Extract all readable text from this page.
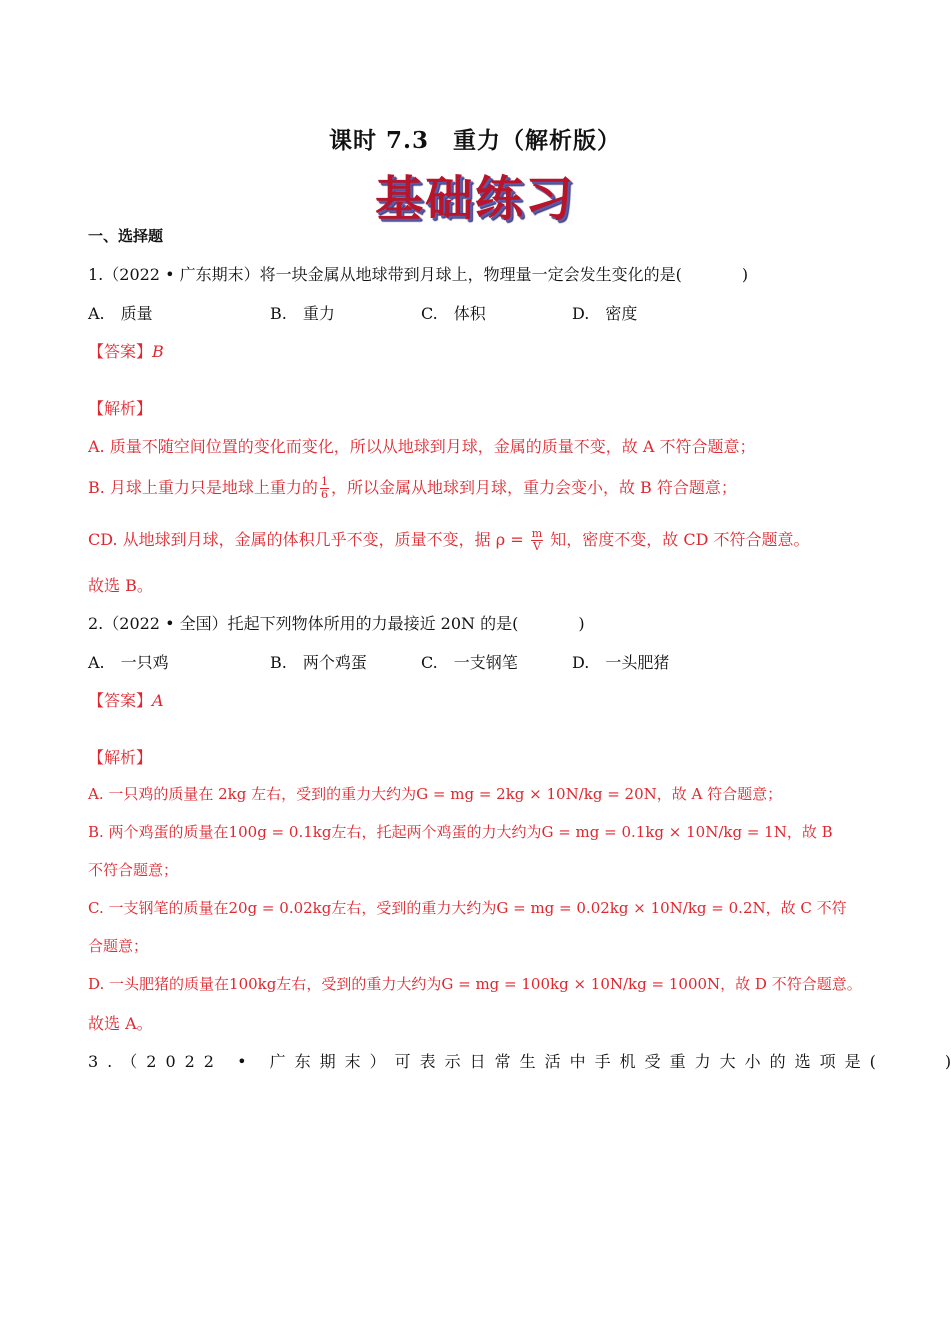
课时 7.3　重力（解析版）
基础练习
一、选择题
1.（2022 • 广东期末）将一块金属从地球带到月球上，物理量一定会发生变化的是(	)
A.　质量	B.　重力	C.　体积	D.　密度
【答案】B
【解析】
A. 质量不随空间位置的变化而变化，所以从地球到月球，金属的质量不变，故 A 不符合题意；
B. 月球上重力只是地球上重力的 $\frac{1}{6}$ ，所以金属从地球到月球，重力会变小，故 B 符合题意；
CD. 从地球到月球，金属的体积几乎不变，质量不变，据 $\rho = \frac{m}{V}$ 知，密度不变，故 CD 不符合题意。
故选 B。
2.（2022 • 全国）托起下列物体所用的力最接近 20N 的是(	)
A.　一只鸡	B.　两个鸡蛋	C.　一支钢笔	D.　一头肥猪
【答案】A
【解析】
A. 一只鸡的质量在 2kg 左右，受到的重力大约为G = mg = 2kg × 10N/kg = 20N，故 A 符合题意；
B. 两个鸡蛋的质量在100g = 0.1kg左右，托起两个鸡蛋的力大约为G = mg = 0.1kg × 10N/kg = 1N，故 B
不符合题意；
C. 一支钢笔的质量在20g = 0.02kg左右，受到的重力大约为G = mg = 0.02kg × 10N/kg = 0.2N，故 C 不符
合题意；
D. 一头肥猪的质量在100kg左右，受到的重力大约为G = mg = 100kg × 10N/kg = 1000N，故 D 不符合题意。
故选 A。
3.（2022 • 广东期末）可表示日常生活中手机受重力大小的选项是(	)
